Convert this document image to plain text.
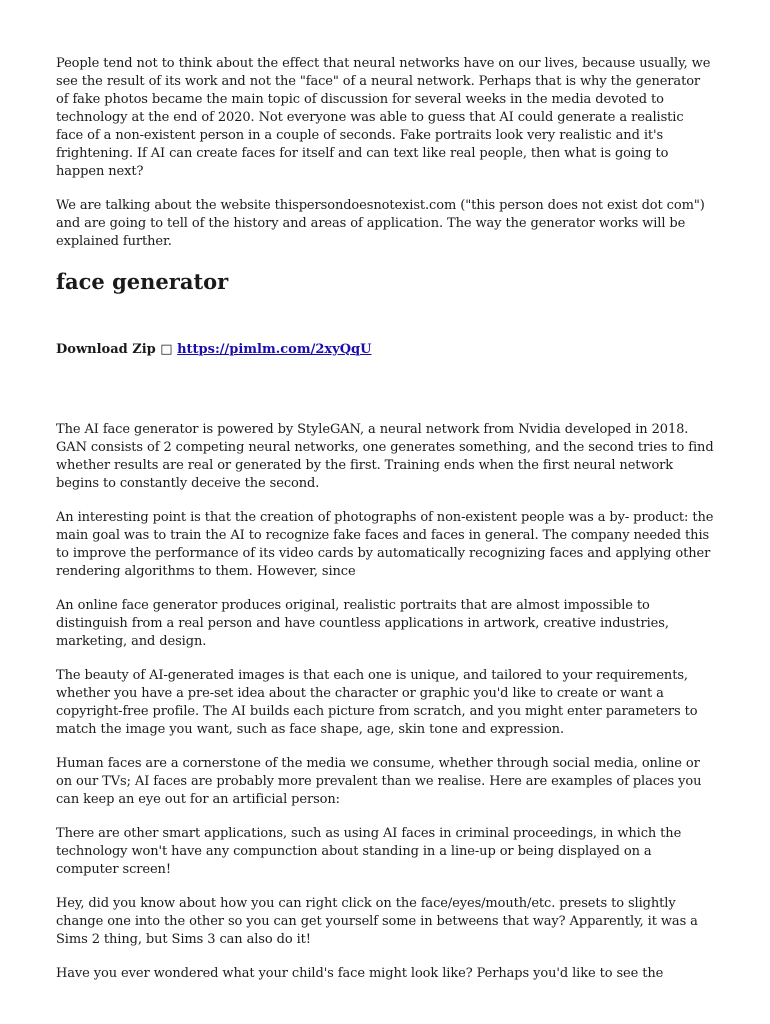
People tend not to think about the effect that neural networks have on our lives, because usually, we see the result of its work and not the "face" of a neural network. Perhaps that is why the generator of fake photos became the main topic of discussion for several weeks in the media devoted to technology at the end of 2020. Not everyone was able to guess that AI could generate a realistic face of a non-existent person in a couple of seconds. Fake portraits look very realistic and it's frightening. If AI can create faces for itself and can text like real people, then what is going to happen next?

We are talking about the website thispersondoesnotexist.com ("this person does not exist dot com") and are going to tell of the history and areas of application. The way the generator works will be explained further.

face generator
Download Zip □ https://pimlm.com/2xyQqU

The AI face generator is powered by StyleGAN, a neural network from Nvidia developed in 2018. GAN consists of 2 competing neural networks, one generates something, and the second tries to find whether results are real or generated by the first. Training ends when the first neural network begins to constantly deceive the second.

An interesting point is that the creation of photographs of non-existent people was a by- product: the main goal was to train the AI to recognize fake faces and faces in general. The company needed this to improve the performance of its video cards by automatically recognizing faces and applying other rendering algorithms to them. However, since

An online face generator produces original, realistic portraits that are almost impossible to distinguish from a real person and have countless applications in artwork, creative industries, marketing, and design.

The beauty of AI-generated images is that each one is unique, and tailored to your requirements, whether you have a pre-set idea about the character or graphic you'd like to create or want a copyright-free profile. The AI builds each picture from scratch, and you might enter parameters to match the image you want, such as face shape, age, skin tone and expression.

Human faces are a cornerstone of the media we consume, whether through social media, online or on our TVs; AI faces are probably more prevalent than we realise. Here are examples of places you can keep an eye out for an artificial person:

There are other smart applications, such as using AI faces in criminal proceedings, in which the technology won't have any compunction about standing in a line-up or being displayed on a computer screen!

Hey, did you know about how you can right click on the face/eyes/mouth/etc. presets to slightly change one into the other so you can get yourself some in betweens that way? Apparently, it was a Sims 2 thing, but Sims 3 can also do it!

Have you ever wondered what your child's face might look like? Perhaps you'd like to see the
